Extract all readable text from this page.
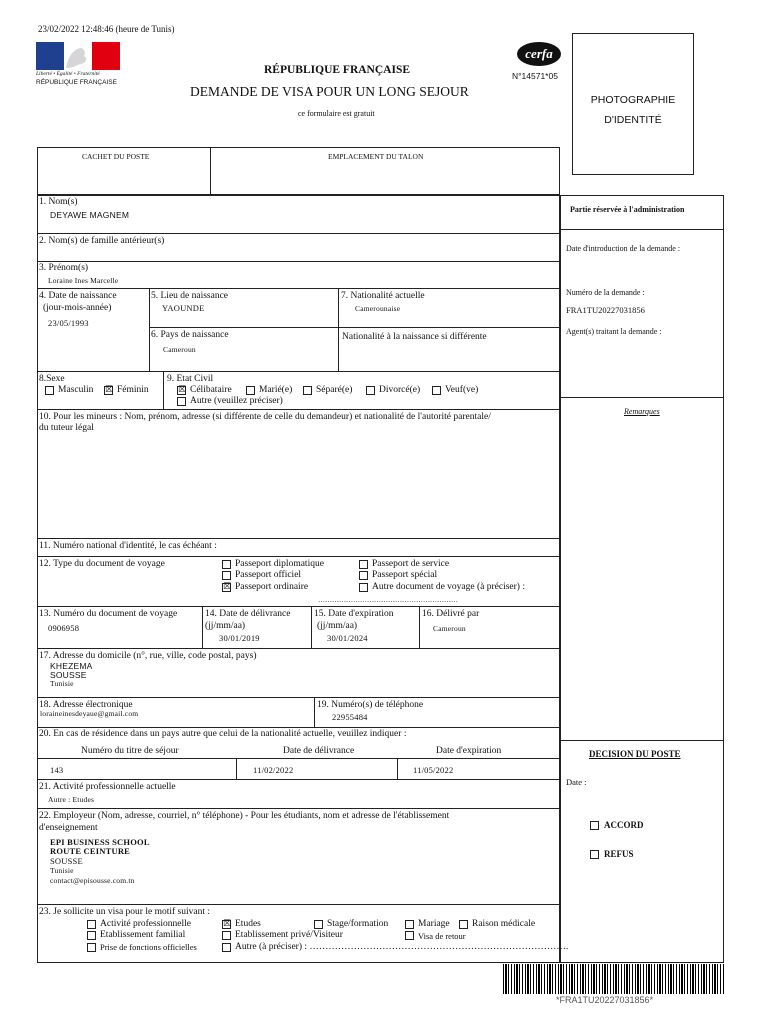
23/02/2022 12:48:46 (heure de Tunis)
Liberté • Égalité • Fraternité
RÉPUBLIQUE FRANÇAISE
RÉPUBLIQUE FRANÇAISE
DEMANDE DE VISA POUR UN LONG SEJOUR
ce formulaire est gratuit
cerfa
N°14571*05
PHOTOGRAPHIE
D'IDENTITÉ
CACHET DU POSTE	EMPLACEMENT DU TALON
1. Nom(s)
DEYAWE MAGNEM
2. Nom(s) de famille antérieur(s)
3. Prénom(s)
Loraine Ines Marcelle
4. Date de naissance
(jour-mois-année)
23/05/1993
5. Lieu de naissance
YAOUNDE
6. Pays de naissance
Cameroun
7. Nationalité actuelle
Camerounaise
Nationalité à la naissance si différente
8.Sexe
Masculin ☒ Féminin
9. Etat Civil
☒ Célibataire	Marié(e)	Séparé(e)	Divorcé(e)	Veuf(ve)
Autre (veuillez préciser)
10. Pour les mineurs : Nom, prénom, adresse (si différente de celle du demandeur) et nationalité de l'autorité parentale/
du tuteur légal
11. Numéro national d'identité, le cas échéant :
12. Type du document de voyage	Passeport diplomatique
Passeport officiel
☒ Passeport ordinaire
Passeport de service
Passeport spécial
Autre document de voyage (à préciser) :
……………………………………………………
13. Numéro du document de voyage
0906958
14. Date de délivrance
(jj/mm/aa)
30/01/2019
15. Date d'expiration
(jj/mm/aa)
30/01/2024
16. Délivré par
Cameroun
17. Adresse du domicile (n°, rue, ville, code postal, pays)
KHEZEMA
SOUSSE
Tunisie
18. Adresse électronique
loraineinesdeyaue@gmail.com
19. Numéro(s) de téléphone
22955484
20. En cas de résidence dans un pays autre que celui de la nationalité actuelle, veuillez indiquer :
Numéro du titre de séjour	Date de délivrance	Date d'expiration
143	11/02/2022	11/05/2022
21. Activité professionnelle actuelle
Autre : Etudes
22. Employeur (Nom, adresse, courriel, n° téléphone) - Pour les étudiants, nom et adresse de l'établissement
d'enseignement
EPI BUSINESS SCHOOL
ROUTE CEINTURE
SOUSSE
Tunisie
contact@episousse.com.tn
23. Je sollicite un visa pour le motif suivant :
Activité professionnelle
Etablissement familial
Prise de fonctions officielles
☒ Etudes
Etablissement privé/Visiteur
Autre (à préciser) : ……………………………………………………………………….
Stage/formation
Visa de retour
Mariage Raison médicale
Partie réservée à l'administration
Date d'introduction de la demande :
Numéro de la demande :
FRA1TU20227031856
Agent(s) traitant la demande :
Remarques
DECISION DU POSTE
Date :
ACCORD
REFUS
*FRA1TU20227031856*
